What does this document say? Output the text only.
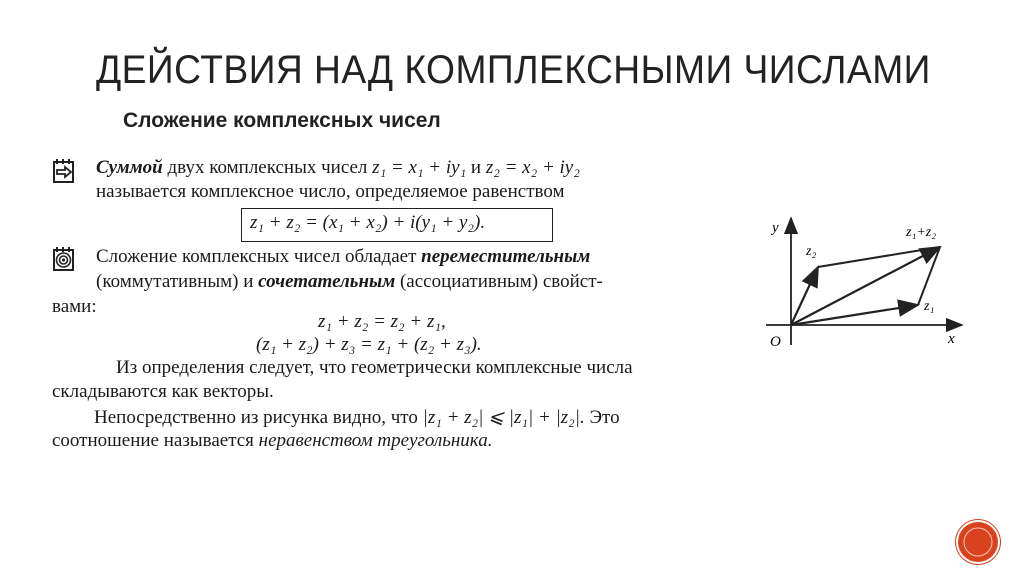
ДЕЙСТВИЯ НАД КОМПЛЕКСНЫМИ ЧИСЛАМИ
Сложение комплексных чисел
Суммой двух комплексных чисел z₁ = x₁ + iy₁ и z₂ = x₂ + iy₂
называется комплексное число, определяемое равенством
z₁ + z₂ = (x₁ + x₂) + i(y₁ + y₂).
Сложение комплексных чисел обладает переместительным
(коммутативным) и сочетательным (ассоциативным) свойст-
вами:
z₁ + z₂ = z₂ + z₁,
(z₁ + z₂) + z₃ = z₁ + (z₂ + z₃).
Из определения следует, что геометрически комплексные числа
складываются как векторы.
Непосредственно из рисунка видно, что |z₁ + z₂| ⩽ |z₁| + |z₂|. Это
соотношение называется неравенством треугольника.
y
x
O
z₂
z₁
z₁+z₂
